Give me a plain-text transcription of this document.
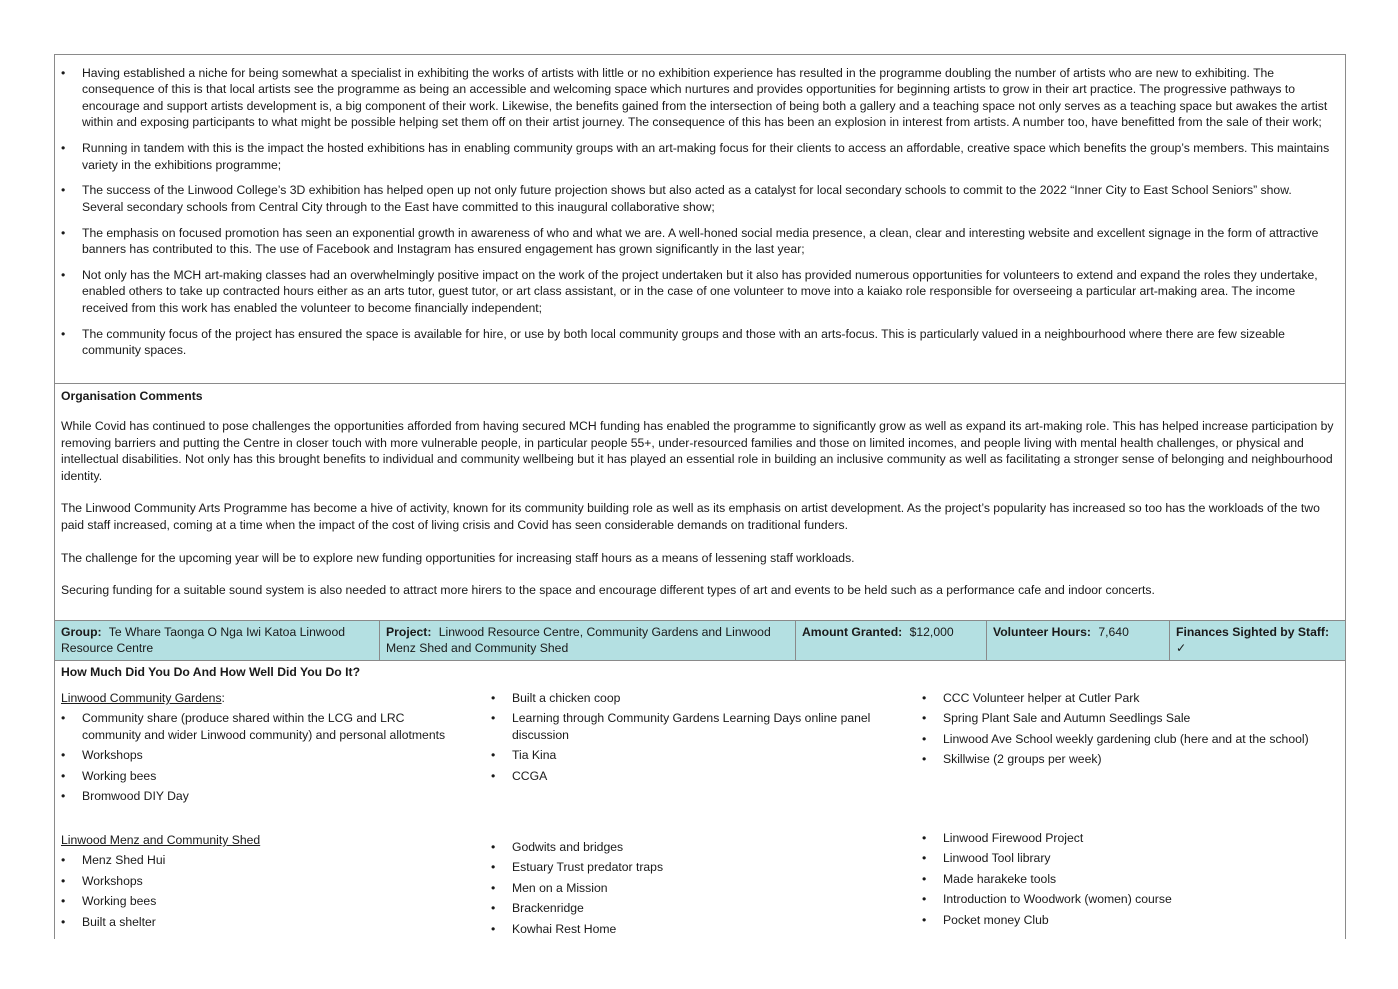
• Having established a niche for being somewhat a specialist in exhibiting the works of artists with little or no exhibition experience has resulted in the programme doubling the number of artists who are new to exhibiting. The consequence of this is that local artists see the programme as being an accessible and welcoming space which nurtures and provides opportunities for beginning artists to grow in their art practice. The progressive pathways to encourage and support artists development is, a big component of their work. Likewise, the benefits gained from the intersection of being both a gallery and a teaching space not only serves as a teaching space but awakes the artist within and exposing participants to what might be possible helping set them off on their artist journey. The consequence of this has been an explosion in interest from artists. A number too, have benefitted from the sale of their work;
• Running in tandem with this is the impact the hosted exhibitions has in enabling community groups with an art-making focus for their clients to access an affordable, creative space which benefits the group’s members. This maintains variety in the exhibitions programme;
• The success of the Linwood College’s 3D exhibition has helped open up not only future projection shows but also acted as a catalyst for local secondary schools to commit to the 2022 “Inner City to East School Seniors” show. Several secondary schools from Central City through to the East have committed to this inaugural collaborative show;
• The emphasis on focused promotion has seen an exponential growth in awareness of who and what we are. A well-honed social media presence, a clean, clear and interesting website and excellent signage in the form of attractive banners has contributed to this. The use of Facebook and Instagram has ensured engagement has grown significantly in the last year;
• Not only has the MCH art-making classes had an overwhelmingly positive impact on the work of the project undertaken but it also has provided numerous opportunities for volunteers to extend and expand the roles they undertake, enabled others to take up contracted hours either as an arts tutor, guest tutor, or art class assistant, or in the case of one volunteer to move into a kaiako role responsible for overseeing a particular art-making area. The income received from this work has enabled the volunteer to become financially independent;
• The community focus of the project has ensured the space is available for hire, or use by both local community groups and those with an arts-focus. This is particularly valued in a neighbourhood where there are few sizeable community spaces.
Organisation Comments

While Covid has continued to pose challenges the opportunities afforded from having secured MCH funding has enabled the programme to significantly grow as well as expand its art-making role. This has helped increase participation by removing barriers and putting the Centre in closer touch with more vulnerable people, in particular people 55+, under-resourced families and those on limited incomes, and people living with mental health challenges, or physical and intellectual disabilities. Not only has this brought benefits to individual and community wellbeing but it has played an essential role in building an inclusive community as well as facilitating a stronger sense of belonging and neighbourhood identity.

The Linwood Community Arts Programme has become a hive of activity, known for its community building role as well as its emphasis on artist development. As the project’s popularity has increased so too has the workloads of the two paid staff increased, coming at a time when the impact of the cost of living crisis and Covid has seen considerable demands on traditional funders.

The challenge for the upcoming year will be to explore new funding opportunities for increasing staff hours as a means of lessening staff workloads.

Securing funding for a suitable sound system is also needed to attract more hirers to the space and encourage different types of art and events to be held such as a performance cafe and indoor concerts.

Group: Te Whare Taonga O Nga Iwi Katoa Linwood Resource Centre
Project: Linwood Resource Centre, Community Gardens and Linwood Menz Shed and Community Shed
Amount Granted: $12,000	Volunteer Hours: 7,640	Finances Sighted by Staff: ✓
How Much Did You Do And How Well Did You Do It?
Linwood Community Gardens:
• Community share (produce shared within the LCG and LRC community and wider Linwood community) and personal allotments
• Workshops
• Working bees
• Bromwood DIY Day
• Built a chicken coop
• Learning through Community Gardens Learning Days online panel discussion
• Tia Kina
• CCGA
• CCC Volunteer helper at Cutler Park
• Spring Plant Sale and Autumn Seedlings Sale
• Linwood Ave School weekly gardening club (here and at the school)
• Skillwise (2 groups per week)
Linwood Menz and Community Shed
• Menz Shed Hui
• Workshops
• Working bees
• Built a shelter
• Godwits and bridges
• Estuary Trust predator traps
• Men on a Mission
• Brackenridge
• Kowhai Rest Home
• Linwood Firewood Project
• Linwood Tool library
• Made harakeke tools
• Introduction to Woodwork (women) course
• Pocket money Club
